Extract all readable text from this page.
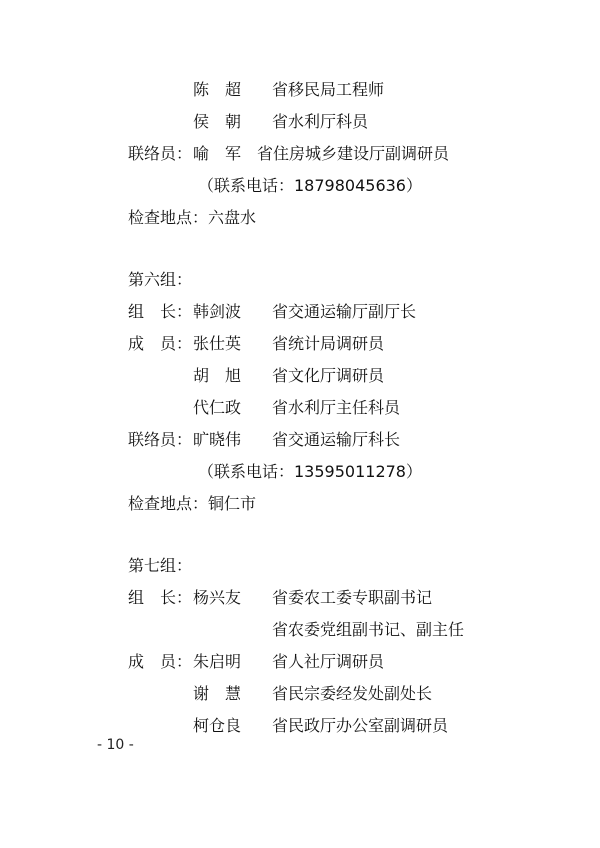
陈　超 省移民局工程师
侯　朝 省水利厅科员
联络员： 喻　军 省住房城乡建设厅副调研员
（联系电话：18798045636）
检查地点：六盘水
第六组：
组　长： 韩剑波 省交通运输厅副厅长
成　员： 张仕英 省统计局调研员
胡　旭 省文化厅调研员
代仁政 省水利厅主任科员
联络员： 旷晓伟 省交通运输厅科长
（联系电话：13595011278）
检查地点：铜仁市
第七组：
组　长： 杨兴友 省委农工委专职副书记
省农委党组副书记、副主任
成　员： 朱启明 省人社厅调研员
谢　慧 省民宗委经发处副处长
柯仓良 省民政厅办公室副调研员
- 10 -
